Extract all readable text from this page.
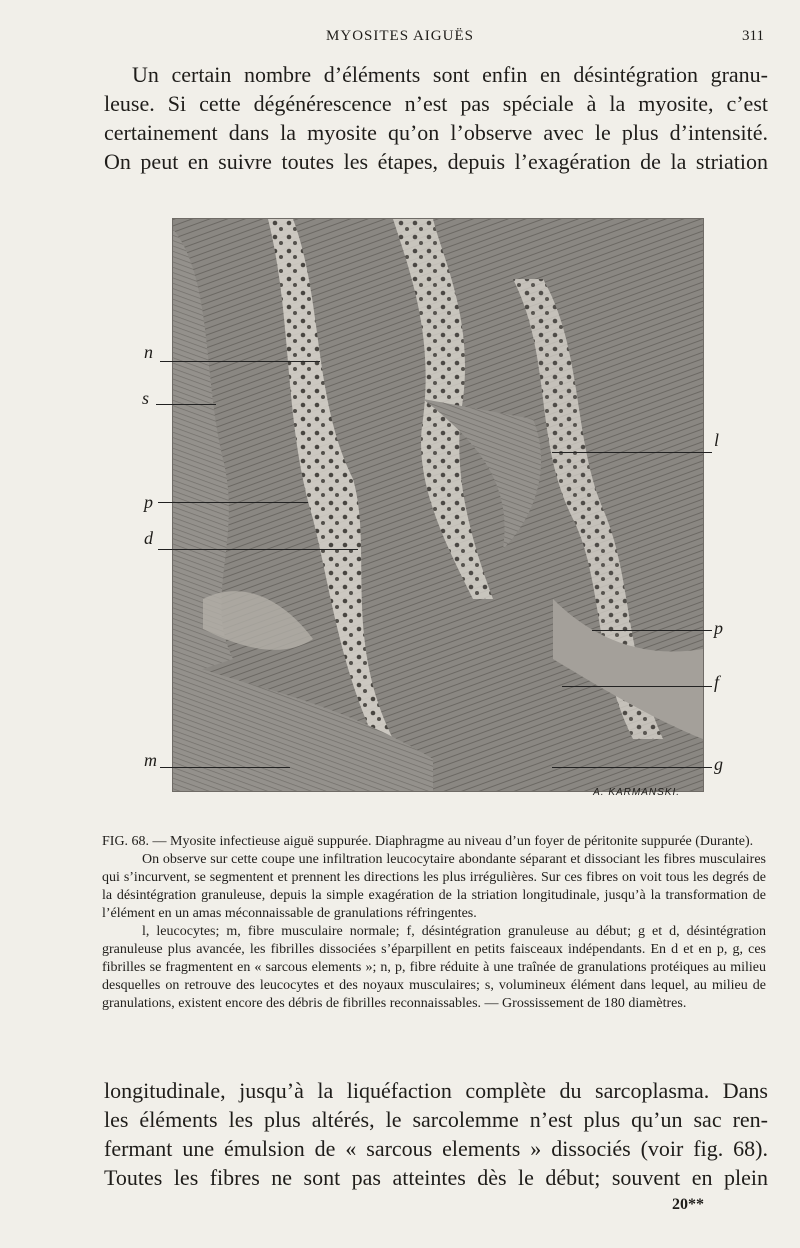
MYOSITES AIGUËS	311
Un certain nombre d’éléments sont enfin en désintégration granu-
leuse. Si cette dégénérescence n’est pas spéciale à la myosite, c’est
certainement dans la myosite qu’on l’observe avec le plus d’intensité.
On peut en suivre toutes les étapes, depuis l’exagération de la striation
n
s
p
d
m
l
p
f
g
A. KARMANSKI.

FIG. 68. — Myosite infectieuse aiguë suppurée. Diaphragme au niveau d’un foyer de péritonite suppurée (Durante).

On observe sur cette coupe une infiltration leucocytaire abondante séparant et dissociant les fibres musculaires qui s’incurvent, se segmentent et prennent les directions les plus irrégulières. Sur ces fibres on voit tous les degrés de la désintégration granuleuse, depuis la simple exagération de la striation longitudinale, jusqu’à la transformation de l’élément en un amas méconnaissable de granulations réfringentes.

l, leucocytes; m, fibre musculaire normale; f, désintégration granuleuse au début; g et d, désintégration granuleuse plus avancée, les fibrilles dissociées s’éparpillent en petits faisceaux indépendants. En d et en p, g, ces fibrilles se fragmentent en « sarcous elements »; n, p, fibre réduite à une traînée de granulations protéiques au milieu desquelles on retrouve des leucocytes et des noyaux musculaires; s, volumineux élément dans lequel, au milieu de granulations, existent encore des débris de fibrilles reconnaissables. — Grossissement de 180 diamètres.

longitudinale, jusqu’à la liquéfaction complète du sarcoplasma. Dans
les éléments les plus altérés, le sarcolemme n’est plus qu’un sac ren-
fermant une émulsion de « sarcous elements » dissociés (voir fig. 68).
Toutes les fibres ne sont pas atteintes dès le début; souvent en plein
20**
